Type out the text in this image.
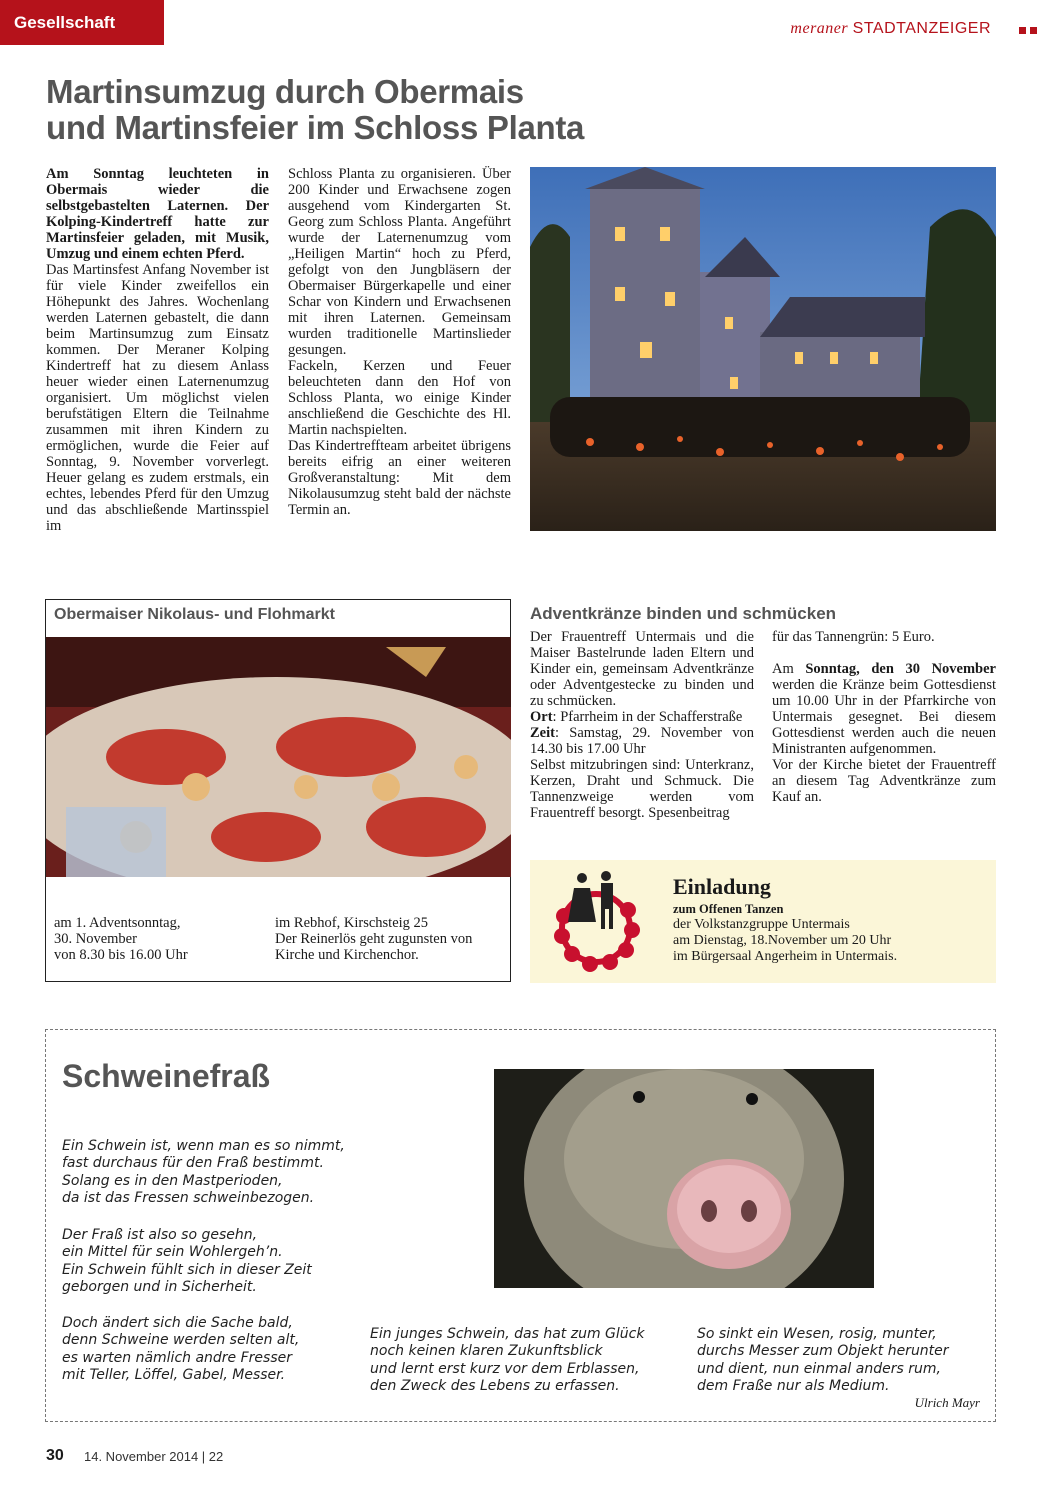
Gesellschaft	meraner STADTANZEIGER
Martinsumzug durch Obermais
und Martinsfeier im Schloss Planta

Am Sonntag leuchteten in Obermais wieder die selbstgebastelten Laternen. Der Kolping-Kindertreff hatte zur Martinsfeier geladen, mit Musik, Umzug und einem echten Pferd.

Das Martinsfest Anfang November ist für viele Kinder zweifellos ein Höhepunkt des Jahres. Wochenlang werden Laternen gebastelt, die dann beim Martinsumzug zum Einsatz kommen. Der Meraner Kolping Kindertreff hat zu diesem Anlass heuer wieder einen Laternenumzug organisiert. Um möglichst vielen berufstätigen Eltern die Teilnahme zusammen mit ihren Kindern zu ermöglichen, wurde die Feier auf Sonntag, 9. November vorverlegt. Heuer gelang es zudem erstmals, ein echtes, lebendes Pferd für den Umzug und das abschließende Martinsspiel im

Schloss Planta zu organisieren. Über 200 Kinder und Erwachsene zogen ausgehend vom Kindergarten St. Georg zum Schloss Planta. Angeführt wurde der Laternenumzug vom „Heiligen Martin“ hoch zu Pferd, gefolgt von den Jungbläsern der Obermaiser Bürgerkapelle und einer Schar von Kindern und Erwachsenen mit ihren Laternen. Gemeinsam wurden traditionelle Martinslieder gesungen.

Fackeln, Kerzen und Feuer beleuchteten dann den Hof von Schloss Planta, wo einige Kinder anschließend die Geschichte des Hl. Martin nachspielten.

Das Kindertreffteam arbeitet übrigens bereits eifrig an einer weiteren Großveranstaltung: Mit dem Nikolausumzug steht bald der nächste Termin an.

Obermaiser Nikolaus- und Flohmarkt
am 1. Adventsonntag,
30. November
von 8.30 bis 16.00 Uhr
im Rebhof, Kirschsteig 25
Der Reinerlös geht zugunsten von
Kirche und Kirchenchor.
Adventkränze binden und schmücken

Der Frauentreff Untermais und die Maiser Bastelrunde laden Eltern und Kinder ein, gemeinsam Adventkränze oder Adventgestecke zu binden und zu schmücken.

Ort: Pfarrheim in der Schafferstraße

Zeit: Samstag, 29. November von 14.30 bis 17.00 Uhr

Selbst mitzubringen sind: Unterkranz, Kerzen, Draht und Schmuck. Die Tannenzweige werden vom Frauentreff besorgt. Spesenbeitrag

für das Tannengrün: 5 Euro.

Am Sonntag, den 30 November werden die Kränze beim Gottesdienst um 10.00 Uhr in der Pfarrkirche von Untermais gesegnet. Bei diesem Gottesdienst werden auch die neuen Ministranten aufgenommen.

Vor der Kirche bietet der Frauentreff an diesem Tag Adventkränze zum Kauf an.

Einladung
zum Offenen Tanzen
der Volkstanzgruppe Untermais
am Dienstag, 18.November um 20 Uhr
im Bürgersaal Angerheim in Untermais.
Schweinefraß

Ein Schwein ist, wenn man es so nimmt,

fast durchaus für den Fraß bestimmt.

Solang es in den Mastperioden,

da ist das Fressen schweinbezogen.

Der Fraß ist also so gesehn,

ein Mittel für sein Wohlergeh’n.

Ein Schwein fühlt sich in dieser Zeit

geborgen und in Sicherheit.

Doch ändert sich die Sache bald,

denn Schweine werden selten alt,

es warten nämlich andre Fresser

mit Teller, Löffel, Gabel, Messer.

Ein junges Schwein, das hat zum Glück

noch keinen klaren Zukunftsblick

und lernt erst kurz vor dem Erblassen,

den Zweck des Lebens zu erfassen.

So sinkt ein Wesen, rosig, munter,

durchs Messer zum Objekt herunter

und dient, nun einmal anders rum,

dem Fraße nur als Medium.

Ulrich Mayr
30 14. November 2014 | 22
